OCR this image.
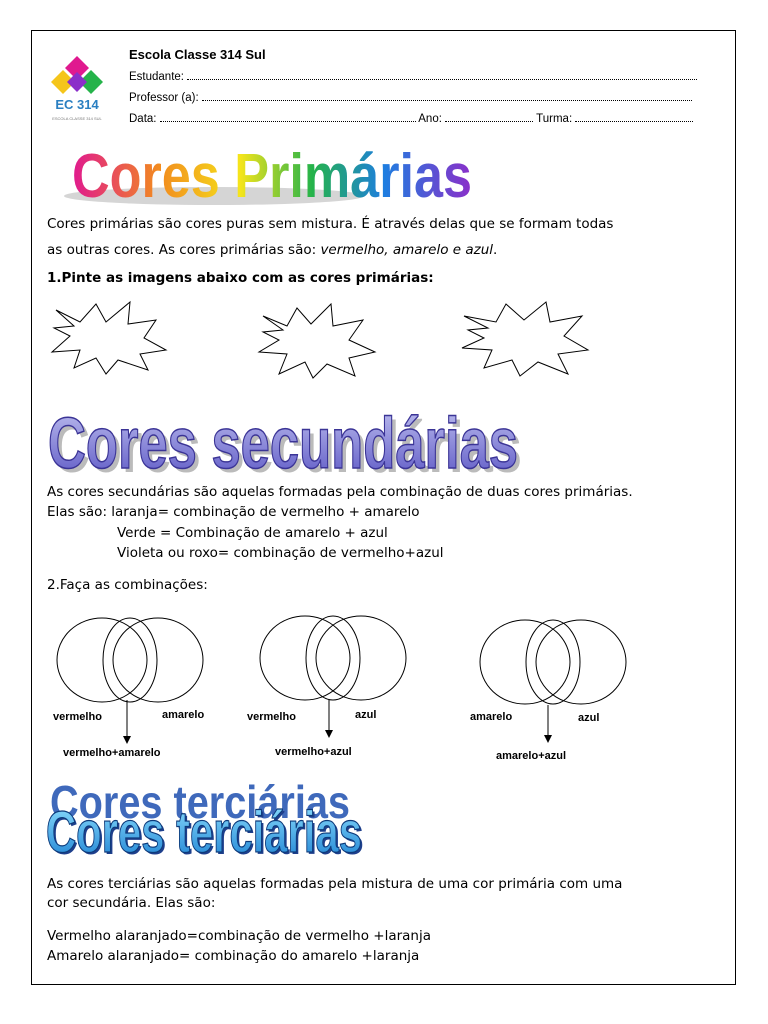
EC 314
ESCOLA CLASSE 314 SUL
Escola Classe 314 Sul
Estudante:
Professor (a):
Data:	Ano:	Turma:
Cores Primárias
Cores primárias são cores puras sem mistura. É através delas que se formam todas
as outras cores. As cores primárias são: vermelho, amarelo e azul.
1.Pinte as imagens abaixo com as cores primárias:
Cores secundárias
Cores secundárias
As cores secundárias são aquelas formadas pela combinação de duas cores primárias.
Elas são: laranja= combinação de vermelho + amarelo
Verde = Combinação de amarelo + azul
Violeta ou roxo= combinação de vermelho+azul
2.Faça as combinações:
vermelho	amarelo
vermelho+amarelo
vermelho	azul
vermelho+azul
amarelo	azul
amarelo+azul
Cores terciárias
Cores terciárias
Cores terciárias
As cores terciárias são aquelas formadas pela mistura de uma cor primária com uma
cor secundária. Elas são:
Vermelho alaranjado=combinação de vermelho +laranja
Amarelo alaranjado= combinação do amarelo +laranja
